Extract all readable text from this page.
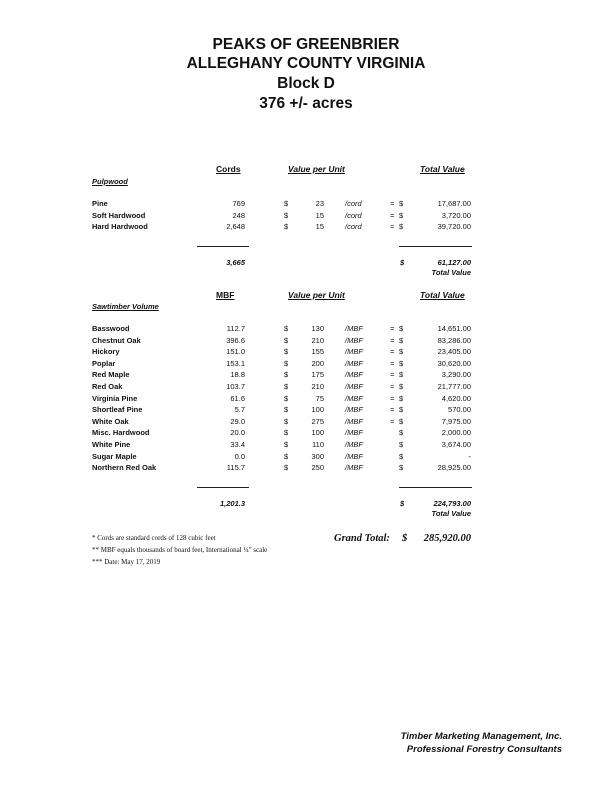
PEAKS OF GREENBRIER
ALLEGHANY COUNTY VIRGINIA
Block D
376 +/- acres
Cords	Value per Unit	Total Value
Pulpwood
Pine	769	$	23	/cord	= $	17,687.00
Soft Hardwood	248	$	15	/cord	= $	3,720.00
Hard Hardwood	2,648	$	15	/cord	= $	39,720.00
3,665	$	61,127.00
Total Value
MBF	Value per Unit	Total Value
Sawtimber Volume
Basswood	112.7	$	130	/MBF	= $	14,651.00
Chestnut Oak	396.6	$	210	/MBF	= $	83,286.00
Hickory	151.0	$	155	/MBF	= $	23,405.00
Poplar	153.1	$	200	/MBF	= $	30,620.00
Red Maple	18.8	$	175	/MBF	= $	3,290.00
Red Oak	103.7	$	210	/MBF	= $	21,777.00
Virginia Pine	61.6	$	75	/MBF	= $	4,620.00
Shortleaf Pine	5.7	$	100	/MBF	= $	570.00
White Oak	29.0	$	275	/MBF	= $	7,975.00
Misc. Hardwood	20.0	$	100	/MBF	$	2,000.00
White Pine	33.4	$	110	/MBF	$	3,674.00
Sugar Maple	0.0	$	300	/MBF	$	-
Northern Red Oak	115.7	$	250	/MBF	$	28,925.00
1,201.3	$	224,793.00
Total Value
* Cords are standard cords of 128 cubic feet
** MBF equals thousands of board feet, International ¼" scale
*** Date: May 17, 2019
Grand Total: $ 285,920.00
Timber Marketing Management, Inc.
Professional Forestry Consultants
